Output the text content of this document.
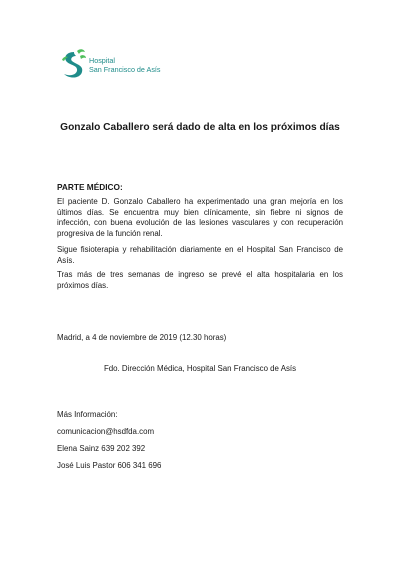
Hospital
San Francisco de Asís
Gonzalo Caballero será dado de alta en los próximos días
PARTE MÉDICO:
El paciente D. Gonzalo Caballero ha experimentado una gran mejoría en los últimos días. Se encuentra muy bien clínicamente, sin fiebre ni signos de infección, con buena evolución de las lesiones vasculares y con recuperación progresiva de la función renal.
Sigue fisioterapia y rehabilitación diariamente en el Hospital San Francisco de Asís.
Tras más de tres semanas de ingreso se prevé el alta hospitalaria en los próximos días.
Madrid, a 4 de noviembre de 2019 (12.30 horas)
Fdo. Dirección Médica, Hospital San Francisco de Asís
Más Información:
comunicacion@hsdfda.com
Elena Sainz 639 202 392
José Luis Pastor 606 341 696
